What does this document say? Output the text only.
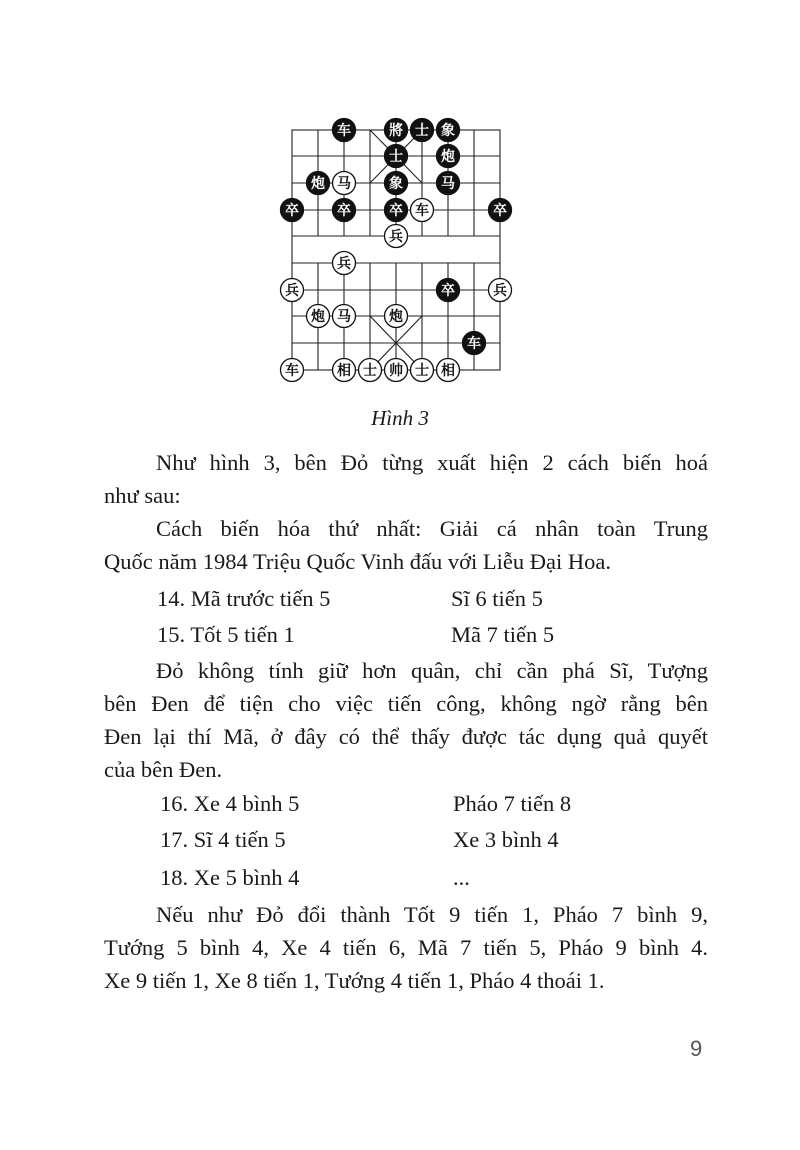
车	將 士 象
士	炮
炮	象	马
卒	卒	卒	卒
卒
车
马
车
兵
兵
兵	兵
炮 马	炮
车	相 士 帅 士 相
Hình 3
Như hình 3, bên Đỏ từng xuất hiện 2 cách biến hoá
như sau:
Cách biến hóa thứ nhất: Giải cá nhân toàn Trung
Quốc năm 1984 Triệu Quốc Vinh đấu với Liễu Đại Hoa.
14. Mã trước tiến 5	Sĩ 6 tiến 5
15. Tốt 5 tiến 1	Mã 7 tiến 5
Đỏ không tính giữ hơn quân, chỉ cần phá Sĩ, Tượng
bên Đen để tiện cho việc tiến công, không ngờ rằng bên
Đen lại thí Mã, ở đây có thể thấy được tác dụng quả quyết
của bên Đen.
16. Xe 4 bình 5	Pháo 7 tiến 8
17. Sĩ 4 tiến 5	Xe 3 bình 4
18. Xe 5 bình 4	...
Nếu như Đỏ đổi thành Tốt 9 tiến 1, Pháo 7 bình 9,
Tướng 5 bình 4, Xe 4 tiến 6, Mã 7 tiến 5, Pháo 9 bình 4.
Xe 9 tiến 1, Xe 8 tiến 1, Tướng 4 tiến 1, Pháo 4 thoái 1.
9
